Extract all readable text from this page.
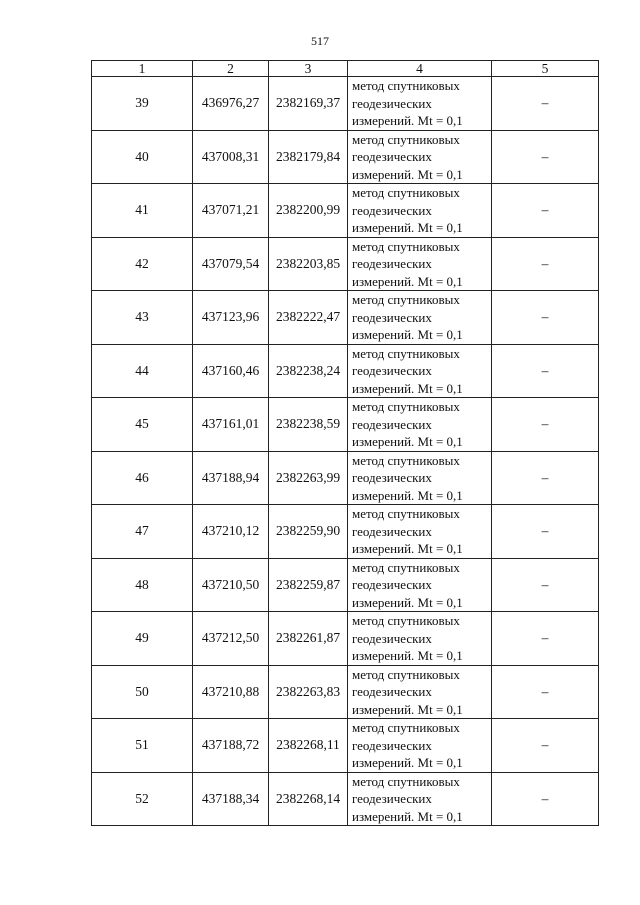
517
1	2	3	4	5
39	436976,27	2382169,37	метод спутниковых геодезических измерений. Mt = 0,1	–
40	437008,31	2382179,84	метод спутниковых геодезических измерений. Mt = 0,1	–
41	437071,21	2382200,99	метод спутниковых геодезических измерений. Mt = 0,1	–
42	437079,54	2382203,85	метод спутниковых геодезических измерений. Mt = 0,1	–
43	437123,96	2382222,47	метод спутниковых геодезических измерений. Mt = 0,1	–
44	437160,46	2382238,24	метод спутниковых геодезических измерений. Mt = 0,1	–
45	437161,01	2382238,59	метод спутниковых геодезических измерений. Mt = 0,1	–
46	437188,94	2382263,99	метод спутниковых геодезических измерений. Mt = 0,1	–
47	437210,12	2382259,90	метод спутниковых геодезических измерений. Mt = 0,1	–
48	437210,50	2382259,87	метод спутниковых геодезических измерений. Mt = 0,1	–
49	437212,50	2382261,87	метод спутниковых геодезических измерений. Mt = 0,1	–
50	437210,88	2382263,83	метод спутниковых геодезических измерений. Mt = 0,1	–
51	437188,72	2382268,11	метод спутниковых геодезических измерений. Mt = 0,1	–
52	437188,34	2382268,14	метод спутниковых геодезических измерений. Mt = 0,1	–
